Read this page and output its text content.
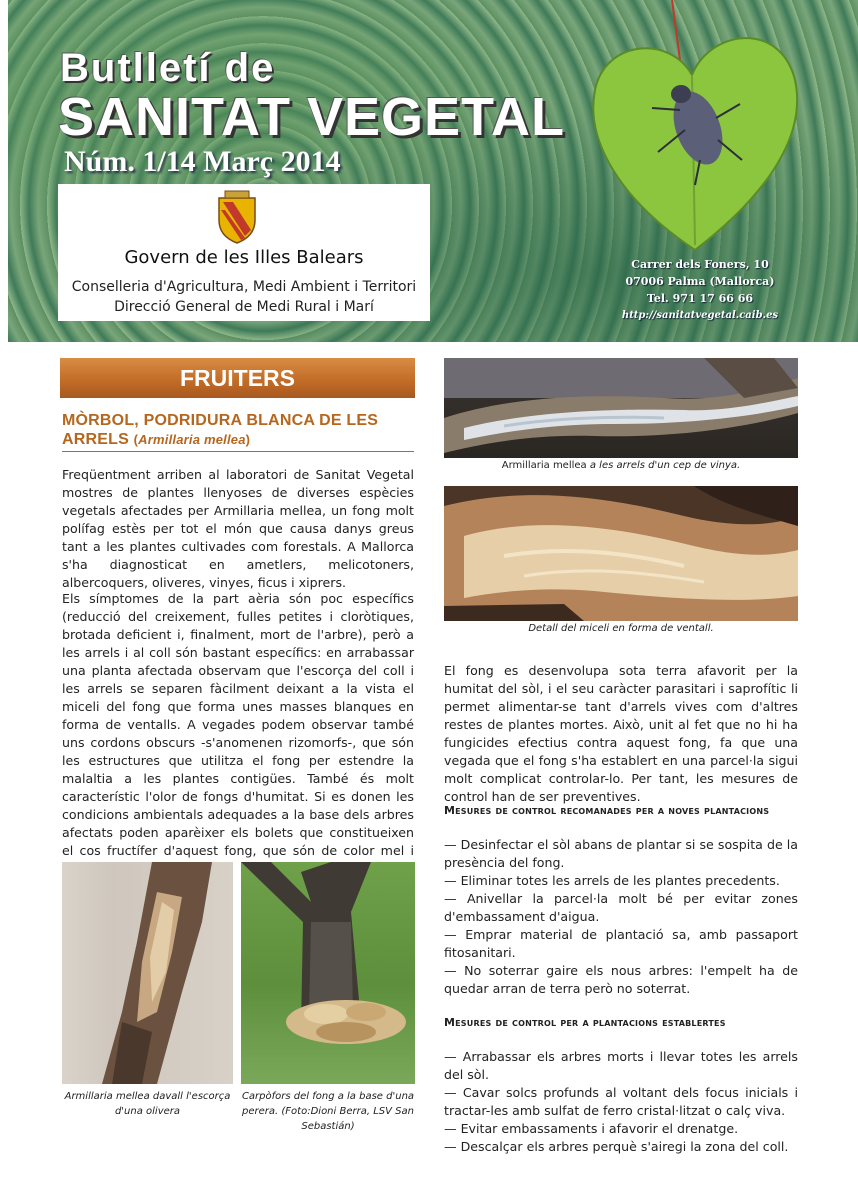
Butlletí de
SANITAT VEGETAL
Núm. 1/14 Març 2014
Carrer dels Foners, 10
07006 Palma (Mallorca)
Tel. 971 17 66 66
http://sanitatvegetal.caib.es
Govern de les Illes Balears
Conselleria d'Agricultura, Medi Ambient i Territori
Direcció General de Medi Rural i Marí
FRUITERS
MÒRBOL, PODRIDURA BLANCA DE LES ARRELS (Armillaria mellea)
Freqüentment arriben al laboratori de Sanitat Vegetal mostres de plantes llenyoses de diverses espècies vegetals afectades per Armillaria mellea, un fong molt polífag estès per tot el món que causa danys greus tant a les plantes cultivades com forestals. A Mallorca s'ha diagnosticat en ametlers, melicotoners, albercoquers, oliveres, vinyes, ficus i xiprers.
Els símptomes de la part aèria són poc específics (reducció del creixement, fulles petites i cloròtiques, brotada deficient i, finalment, mort de l'arbre), però a les arrels i al coll són bastant específics: en arrabassar una planta afectada observam que l'escorça del coll i les arrels se separen fàcilment deixant a la vista el miceli del fong que forma unes masses blanques en forma de ventalls. A vegades podem observar també uns cordons obscurs -s'anomenen rizomorfs-, que són les estructures que utilitza el fong per estendre la malaltia a les plantes contigües. També és molt característic l'olor de fongs d'humitat. Si es donen les condicions ambientals adequades a la base dels arbres afectats poden aparèixer els bolets que constitueixen el cos fructífer d'aquest fong, que són de color mel i
Armillaria mellea davall l'escorça d'una olivera
Carpòfors del fong a la base d'una perera. (Foto:Dioni Berra, LSV San Sebastián)
Armillaria mellea a les arrels d'un cep de vinya.
Detall del miceli en forma de ventall.
El fong es desenvolupa sota terra afavorit per la humitat del sòl, i el seu caràcter parasitari i saprofític li permet alimentar-se tant d'arrels vives com d'altres restes de plantes mortes. Això, unit al fet que no hi ha fungicides efectius contra aquest fong, fa que una vegada que el fong s'ha establert en una parcel·la sigui molt complicat controlar-lo. Per tant, les mesures de control han de ser preventives.
Mesures de control recomanades per a noves plantacions
— Desinfectar el sòl abans de plantar si se sospita de la presència del fong.
— Eliminar totes les arrels de les plantes precedents.
— Anivellar la parcel·la molt bé per evitar zones d'embassament d'aigua.
— Emprar material de plantació sa, amb passaport fitosanitari.
— No soterrar gaire els nous arbres: l'empelt ha de quedar arran de terra però no soterrat.
Mesures de control per a plantacions establertes
— Arrabassar els arbres morts i llevar totes les arrels del sòl.
— Cavar solcs profunds al voltant dels focus inicials i tractar-les amb sulfat de ferro cristal·litzat o calç viva.
— Evitar embassaments i afavorir el drenatge.
— Descalçar els arbres perquè s'airegi la zona del coll.
